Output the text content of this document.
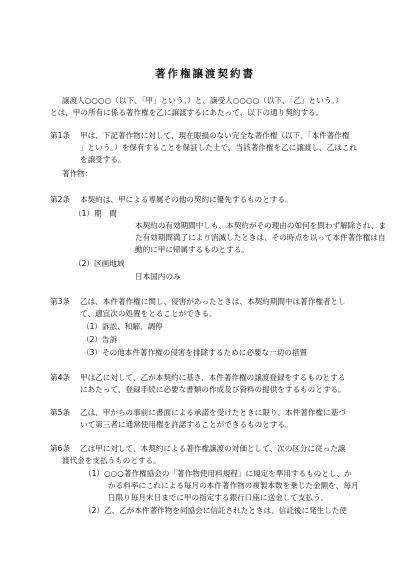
著作権譲渡契約書
譲渡人○○○○（以下、「甲」という。）と、譲受人○○○○（以下、「乙」という。）
とは、甲の所有に係る著作権を乙に譲渡するにあたって、以下の通り契約する。
第1条 甲は、下記著作物に対して、現在眼損のない完全な著作権（以下、「本件著作権
」という。）を保有することを保証した上で、当該著作権を乙に譲渡し、乙はこれ
を譲受する。
著作物：
第2条 本契約は、甲による専属その他の契約に優先するものとする。
（1）期　間
本契約の有効期間中しも、本契約がその理由の如何を問わず解除され、ま
た有効期間満了により消滅したときは、その時点を以って本件著作権は自
動的に甲に帰属するものとする。
（2）区画地域
日本国内のみ
第3条 乙は、本件著作権に関し、侵害があったときは、本契約期間中は著作権者とし
て、適宜次の処置をとることができる。
（1）訴訟、和解、調停
（2）告訴
（3）その他本件著作権の侵害を排除するために必要な一切の措置
第4条 甲は乙に対して、乙が本契約に基き、本件著作権の譲渡登録をするものとする
にあたって、登録手続に必要な書類の作成及び資料の提供をするものとする。
第5条 乙は、甲からの事前に書面による承諾を受けたときに限り、本件著作権に基づ
いて第三者に通常使用権を許諾することができるものとする。
第6条 乙は甲に対して、本契約による著作権譲渡の対価として、次の区分に従った譲
渡代金を支払うものとする。
（1）○○○著作権協会の「著作物使用料規程」に規定を準用するものとし、か
かる料率にこれによる毎月の本件著作物の複製本数を乗じた金額を、毎月
日限り毎月末日までに甲の指定する銀行口座に送金して支払う。
（2）乙、乙が本件著作物を同協会に信託されたときは、信託後に発生した使
